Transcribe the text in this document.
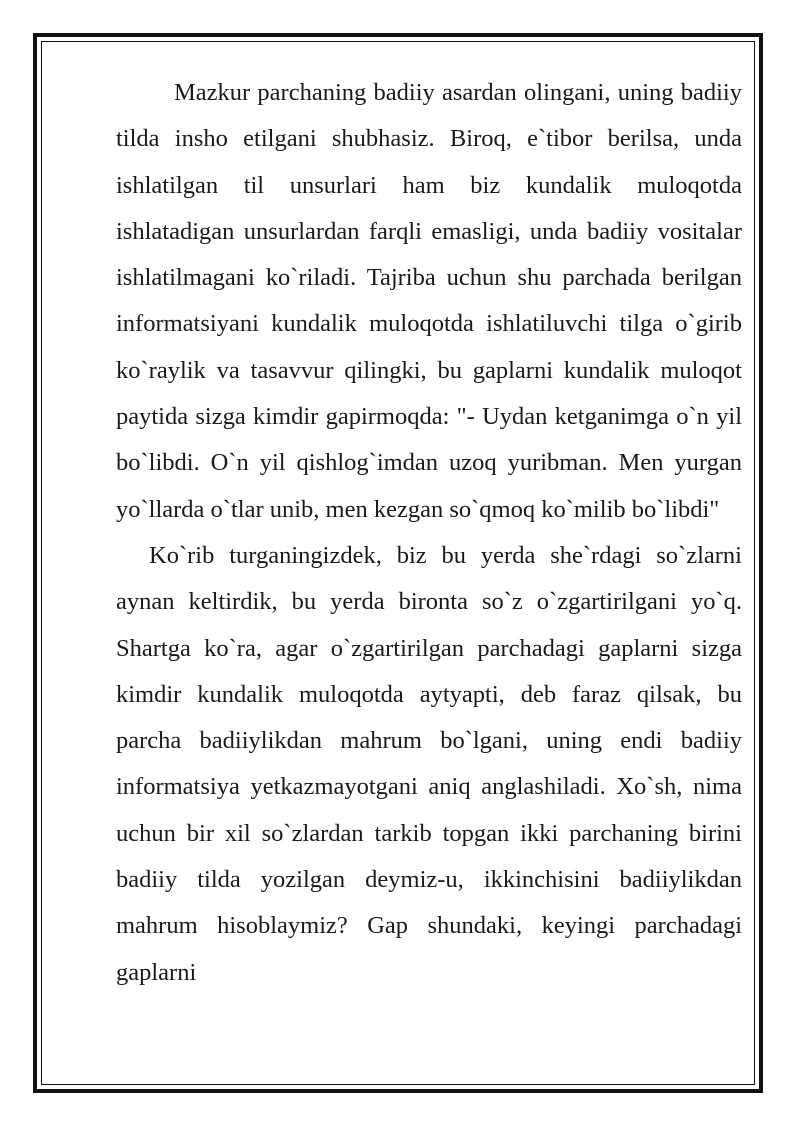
Mazkur parchaning badiiy asardan olingani, uning badiiy tilda insho etilgani shubhasiz. Biroq, e`tibor berilsa, unda ishlatilgan til unsurlari ham biz kundalik muloqotda ishlatadigan unsurlardan farqli emasligi, unda badiiy vositalar ishlatilmagani ko`riladi. Tajriba uchun shu parchada berilgan informatsiyani kundalik muloqotda ishlatiluvchi tilga o`girib ko`raylik va tasavvur qilingki, bu gaplarni kundalik muloqot paytida sizga kimdir gapirmoqda: "- Uydan ketganimga o`n yil bo`libdi. O`n yil qishlog`imdan uzoq yuribman. Men yurgan yo`llarda o`tlar unib, men kezgan so`qmoq ko`milib bo`libdi"

Ko`rib turganingizdek, biz bu yerda she`rdagi so`zlarni aynan keltirdik, bu yerda bironta so`z o`zgartirilgani yo`q. Shartga ko`ra, agar o`zgartirilgan parchadagi gaplarni sizga kimdir kundalik muloqotda aytyapti, deb faraz qilsak, bu parcha badiiylikdan mahrum bo`lgani, uning endi badiiy informatsiya yetkazmayotgani aniq anglashiladi. Xo`sh, nima uchun bir xil so`zlardan tarkib topgan ikki parchaning birini badiiy tilda yozilgan deymiz-u, ikkinchisini badiiylikdan mahrum hisoblaymiz? Gap shundaki, keyingi parchadagi gaplarni
